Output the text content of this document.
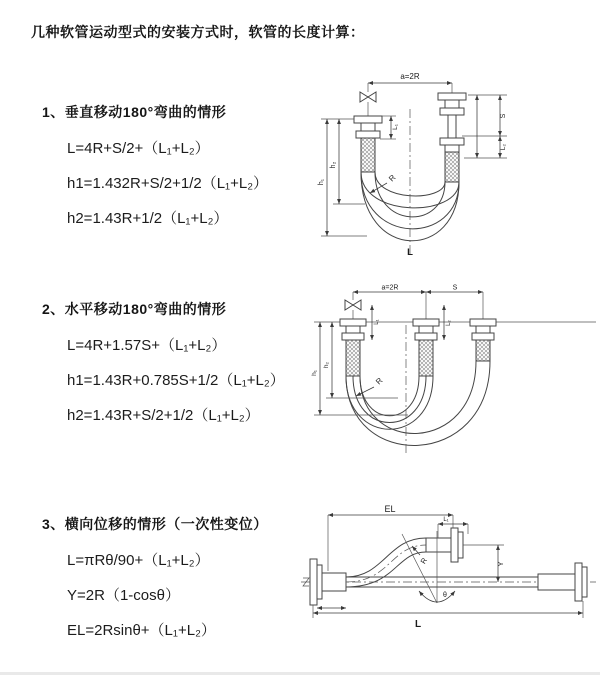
几种软管运动型式的安装方式时，软管的长度计算：
1、垂直移动180°弯曲的情形
L=4R+S/2+（L₁+L₂）
h1=1.432R+S/2+1/2（L₁+L₂）
h2=1.43R+1/2（L₁+L₂）
2、水平移动180°弯曲的情形
L=4R+1.57S+（L₁+L₂）
h1=1.43R+0.785S+1/2（L₁+L₂）
h2=1.43R+S/2+1/2（L₁+L₂）
3、横向位移的情形（一次性变位）
L=πRθ/90+（L₁+L₂）
Y=2R（1-cosθ）
EL=2Rsinθ+（L₁+L₂）
a=2R
h₁
h₂
L₁
S
L₂
R
L
a=2R	S
h₁
h₂
L₁	L₂
R
EL
L₁
Y
θ
R
L
